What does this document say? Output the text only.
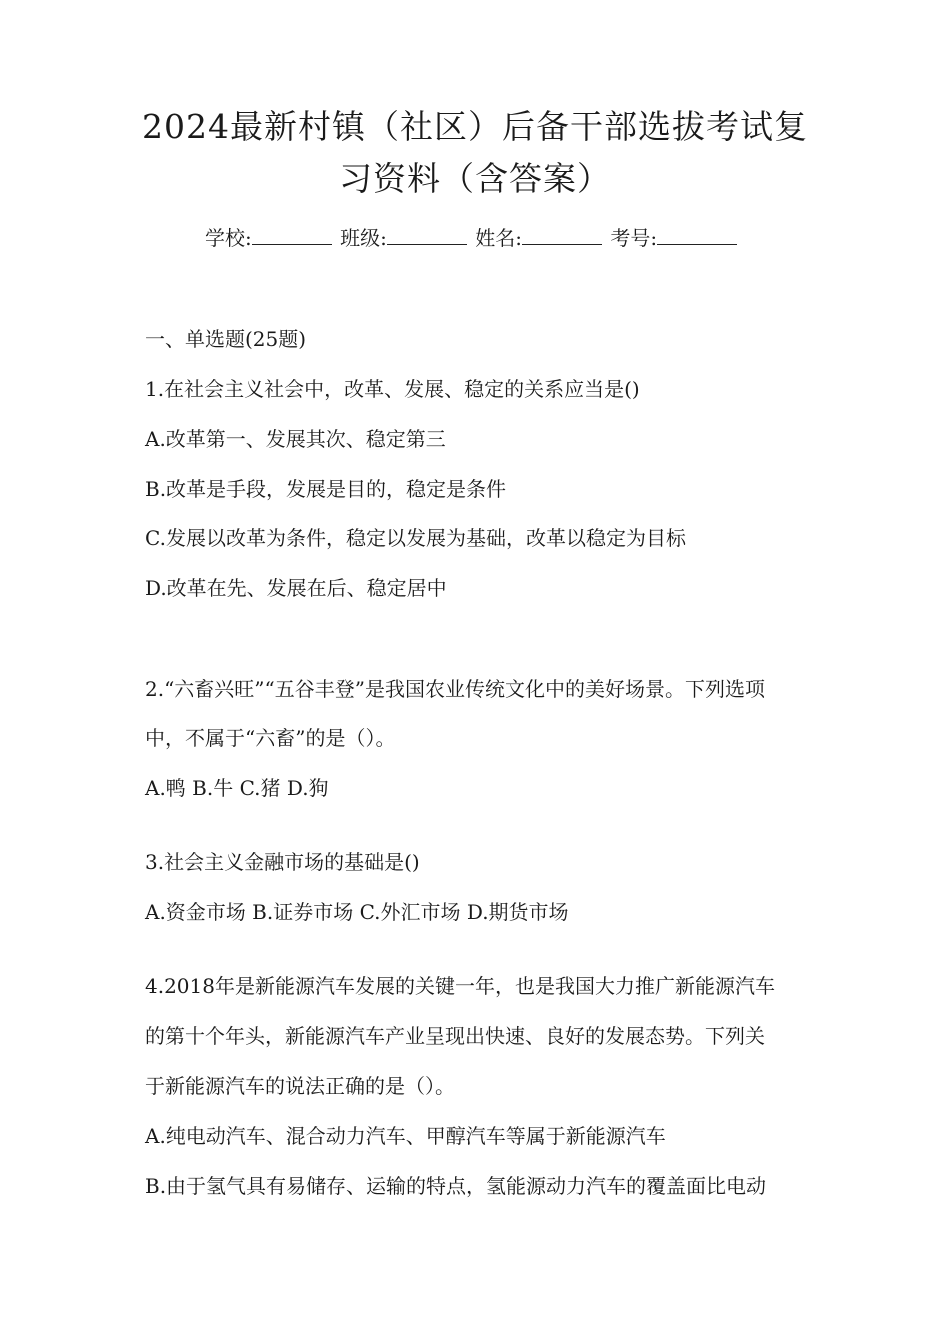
2024最新村镇（社区）后备干部选拔考试复
习资料（含答案）
学校:	班级:	姓名:	考号:
一、单选题(25题)
1.在社会主义社会中，改革、发展、稳定的关系应当是()
A.改革第一、发展其次、稳定第三
B.改革是手段，发展是目的，稳定是条件
C.发展以改革为条件，稳定以发展为基础，改革以稳定为目标
D.改革在先、发展在后、稳定居中
2.“六畜兴旺”“五谷丰登”是我国农业传统文化中的美好场景。下列选项
中，不属于“六畜”的是（）。
A.鸭 B.牛 C.猪 D.狗
3.社会主义金融市场的基础是()
A.资金市场 B.证券市场 C.外汇市场 D.期货市场
4.2018年是新能源汽车发展的关键一年，也是我国大力推广新能源汽车
的第十个年头，新能源汽车产业呈现出快速、良好的发展态势。下列关
于新能源汽车的说法正确的是（）。
A.纯电动汽车、混合动力汽车、甲醇汽车等属于新能源汽车
B.由于氢气具有易储存、运输的特点，氢能源动力汽车的覆盖面比电动
